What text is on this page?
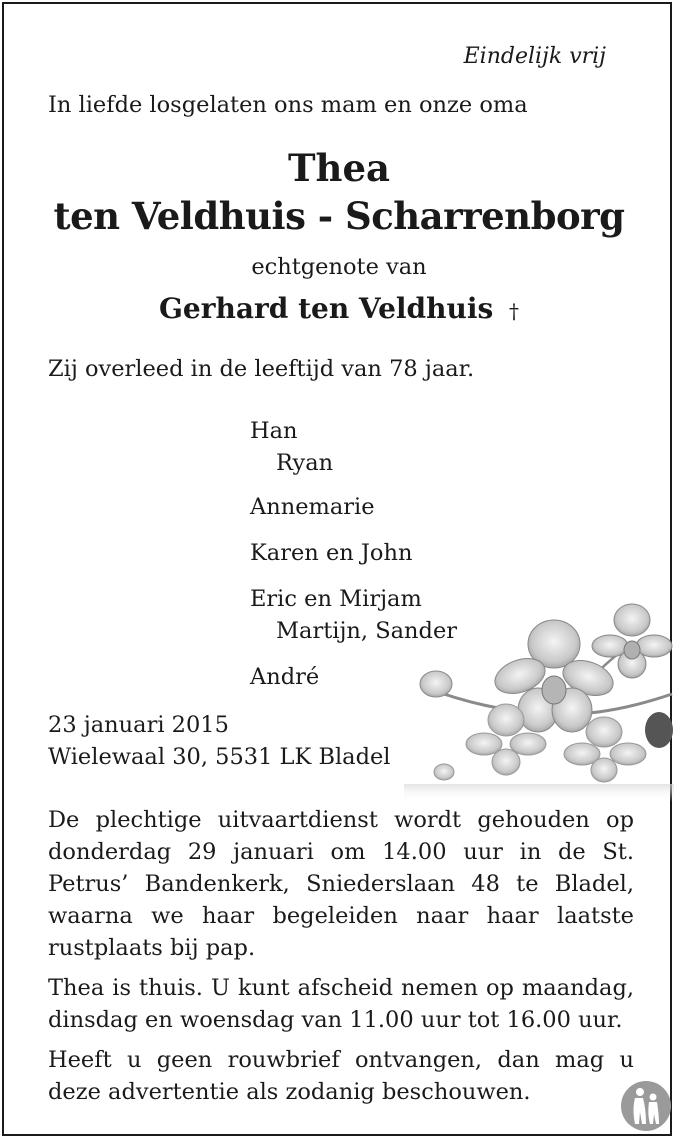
Eindelijk vrij
In liefde losgelaten ons mam en onze oma
Thea
ten Veldhuis - Scharrenborg
echtgenote van
Gerhard ten Veldhuis †
Zij overleed in de leeftijd van 78 jaar.
Han
Ryan
Annemarie
Karen en John
Eric en Mirjam
Martijn, Sander
André
23 januari 2015
Wielewaal 30, 5531 LK Bladel
De plechtige uitvaartdienst wordt gehouden op donderdag 29 januari om 14.00 uur in de St. Petrus’ Bandenkerk, Sniederslaan 48 te Bladel, waarna we haar begeleiden naar haar laatste rustplaats bij pap.
Thea is thuis. U kunt afscheid nemen op maandag, dinsdag en woensdag van 11.00 uur tot 16.00 uur.
Heeft u geen rouwbrief ontvangen, dan mag u deze advertentie als zodanig beschouwen.
